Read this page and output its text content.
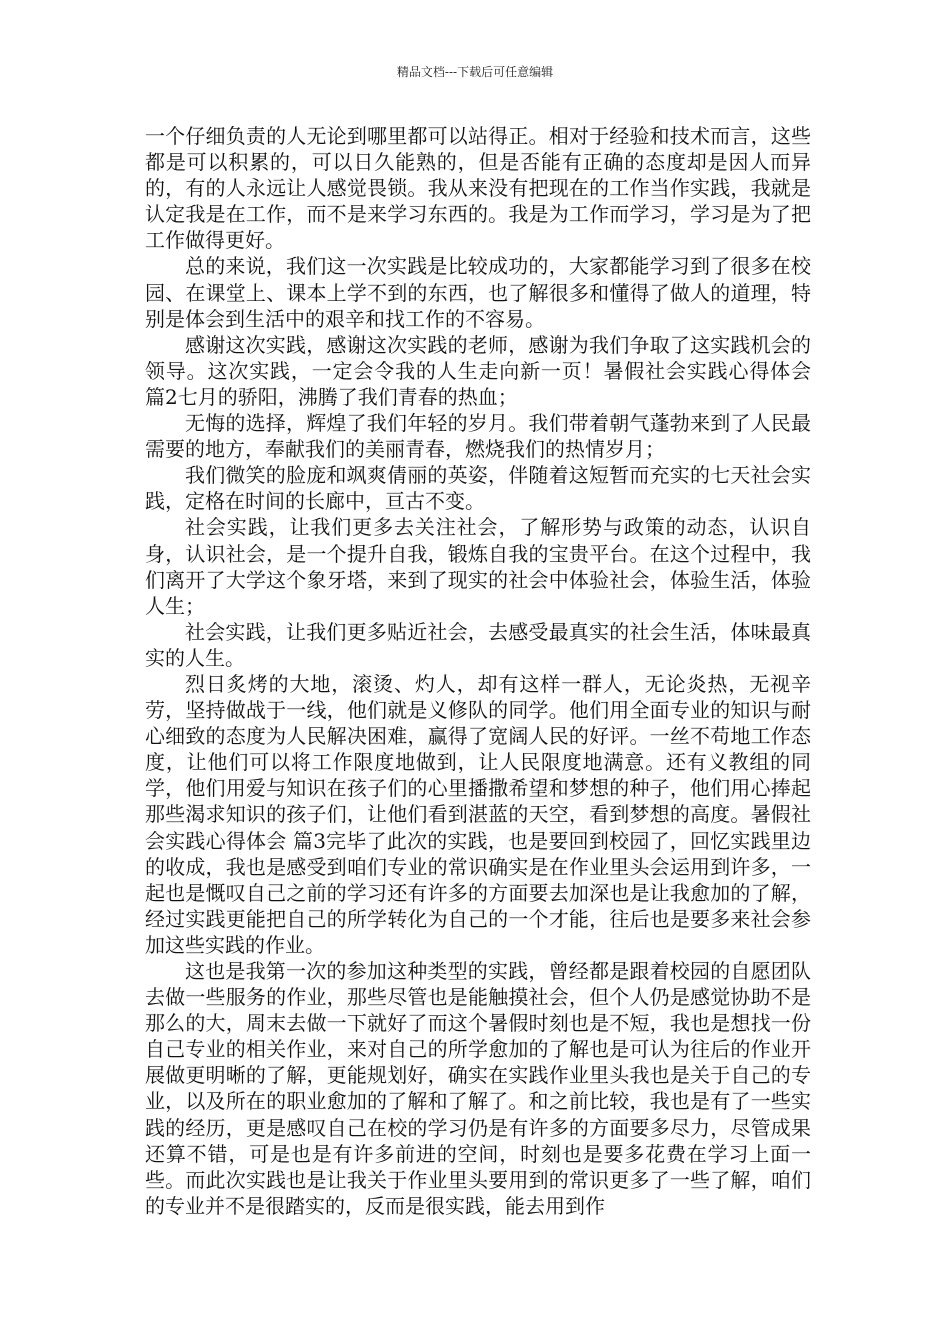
精品文档---下载后可任意编辑

一个仔细负责的人无论到哪里都可以站得正。相对于经验和技术而言，这些都是可以积累的，可以日久能熟的，但是否能有正确的态度却是因人而异的，有的人永远让人感觉畏锁。我从来没有把现在的工作当作实践，我就是认定我是在工作，而不是来学习东西的。我是为工作而学习，学习是为了把工作做得更好。

总的来说，我们这一次实践是比较成功的，大家都能学习到了很多在校园、在课堂上、课本上学不到的东西，也了解很多和懂得了做人的道理，特别是体会到生活中的艰辛和找工作的不容易。

感谢这次实践，感谢这次实践的老师，感谢为我们争取了这实践机会的领导。这次实践，一定会令我的人生走向新一页！暑假社会实践心得体会 篇2七月的骄阳，沸腾了我们青春的热血；

无悔的选择，辉煌了我们年轻的岁月。我们带着朝气蓬勃来到了人民最需要的地方，奉献我们的美丽青春，燃烧我们的热情岁月；

我们微笑的脸庞和飒爽倩丽的英姿，伴随着这短暂而充实的七天社会实践，定格在时间的长廊中，亘古不变。

社会实践，让我们更多去关注社会，了解形势与政策的动态，认识自身，认识社会，是一个提升自我，锻炼自我的宝贵平台。在这个过程中，我们离开了大学这个象牙塔，来到了现实的社会中体验社会，体验生活，体验人生；

社会实践，让我们更多贴近社会，去感受最真实的社会生活，体味最真实的人生。

烈日炙烤的大地，滚烫、灼人，却有这样一群人，无论炎热，无视辛劳，坚持做战于一线，他们就是义修队的同学。他们用全面专业的知识与耐心细致的态度为人民解决困难，赢得了宽阔人民的好评。一丝不苟地工作态度，让他们可以将工作限度地做到，让人民限度地满意。还有义教组的同学，他们用爱与知识在孩子们的心里播撒希望和梦想的种子，他们用心捧起那些渴求知识的孩子们，让他们看到湛蓝的天空，看到梦想的高度。暑假社会实践心得体会 篇3完毕了此次的实践，也是要回到校园了，回忆实践里边的收成，我也是感受到咱们专业的常识确实是在作业里头会运用到许多，一起也是慨叹自己之前的学习还有许多的方面要去加深也是让我愈加的了解，经过实践更能把自己的所学转化为自己的一个才能，往后也是要多来社会参加这些实践的作业。

这也是我第一次的参加这种类型的实践，曾经都是跟着校园的自愿团队去做一些服务的作业，那些尽管也是能触摸社会，但个人仍是感觉协助不是那么的大，周末去做一下就好了而这个暑假时刻也是不短，我也是想找一份自己专业的相关作业，来对自己的所学愈加的了解也是可认为往后的作业开展做更明晰的了解，更能规划好，确实在实践作业里头我也是关于自己的专业，以及所在的职业愈加的了解和了解了。和之前比较，我也是有了一些实践的经历，更是感叹自己在校的学习仍是有许多的方面要多尽力，尽管成果还算不错，可是也是有许多前进的空间，时刻也是要多花费在学习上面一些。而此次实践也是让我关于作业里头要用到的常识更多了一些了解，咱们的专业并不是很踏实的，反而是很实践，能去用到作
